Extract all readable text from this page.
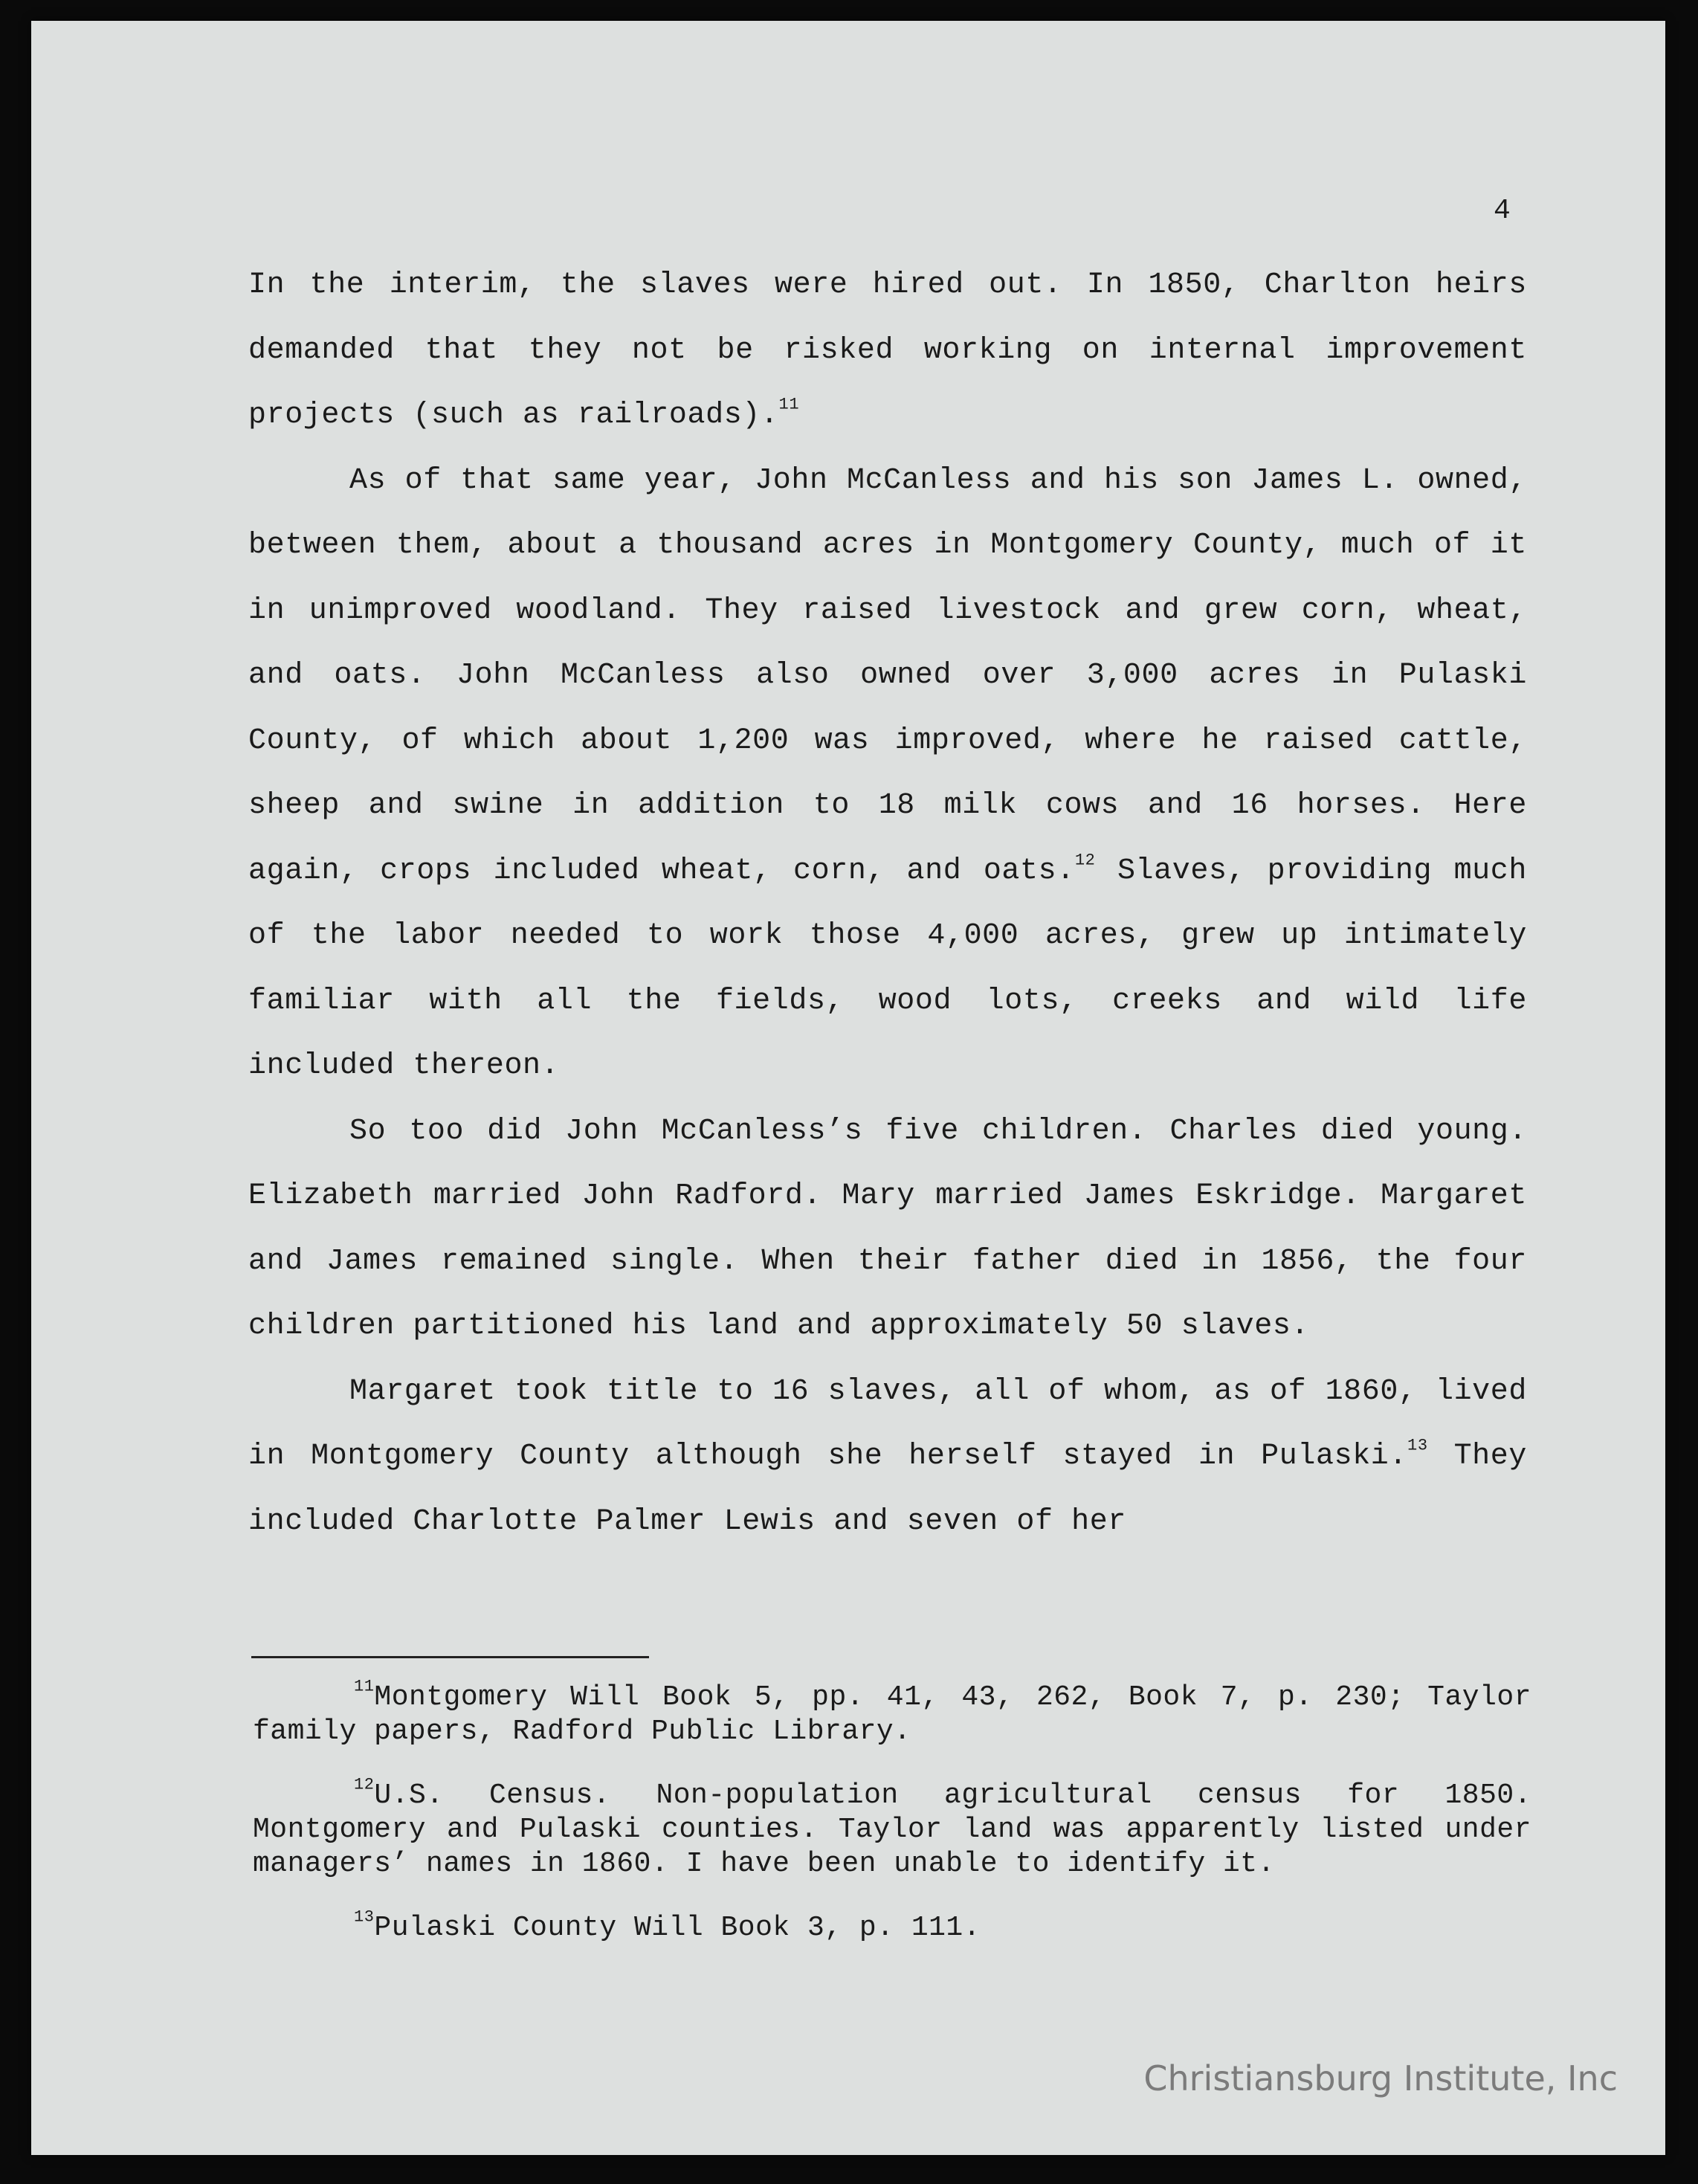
4

In the interim, the slaves were hired out. In 1850, Charlton heirs demanded that they not be risked working on internal improvement projects (such as railroads).$^{11}$

As of that same year, John McCanless and his son James L. owned, between them, about a thousand acres in Montgomery County, much of it in unimproved woodland. They raised livestock and grew corn, wheat, and oats. John McCanless also owned over 3,000 acres in Pulaski County, of which about 1,200 was improved, where he raised cattle, sheep and swine in addition to 18 milk cows and 16 horses. Here again, crops included wheat, corn, and oats.$^{12}$ Slaves, providing much of the labor needed to work those 4,000 acres, grew up intimately familiar with all the fields, wood lots, creeks and wild life included thereon.

So too did John McCanless’s five children. Charles died young. Elizabeth married John Radford. Mary married James Eskridge. Margaret and James remained single. When their father died in 1856, the four children partitioned his land and approximately 50 slaves.

Margaret took title to 16 slaves, all of whom, as of 1860, lived in Montgomery County although she herself stayed in Pulaski.$^{13}$ They included Charlotte Palmer Lewis and seven of her

$^{11}$Montgomery Will Book 5, pp. 41, 43, 262, Book 7, p. 230; Taylor family papers, Radford Public Library.

$^{12}$U.S. Census. Non-population agricultural census for 1850. Montgomery and Pulaski counties. Taylor land was apparently listed under managers’ names in 1860. I have been unable to identify it.

$^{13}$Pulaski County Will Book 3, p. 111.

Christiansburg Institute, Inc
